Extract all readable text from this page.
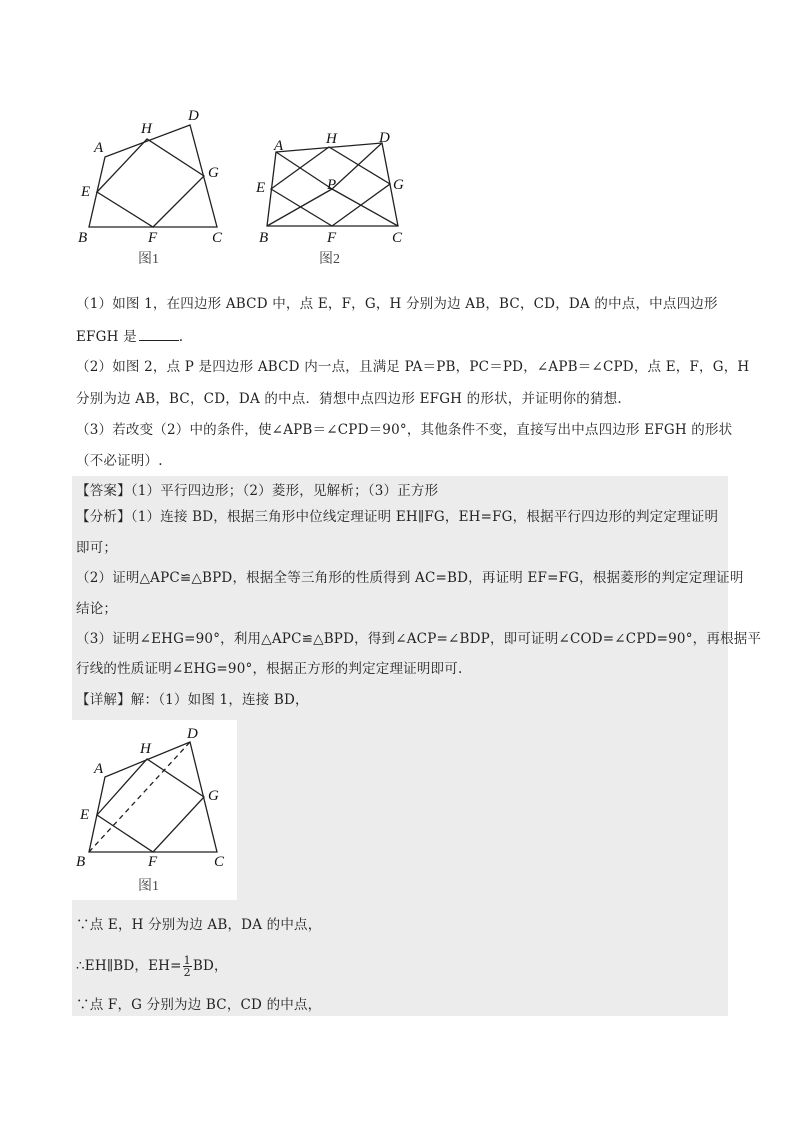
A
H
D
E
G
B	F	C
图1
A	H	D
E	P	G
B	F	C
图2
（1）如图 1，在四边形 ABCD 中，点 E，F，G，H 分别为边 AB，BC，CD，DA 的中点，中点四边形
EFGH 是	.
（2）如图 2，点 P 是四边形 ABCD 内一点，且满足 PA＝PB，PC＝PD，∠APB＝∠CPD，点 E，F，G，H
分别为边 AB，BC，CD，DA 的中点．猜想中点四边形 EFGH 的形状，并证明你的猜想.
（3）若改变（2）中的条件，使∠APB＝∠CPD＝90°，其他条件不变，直接写出中点四边形 EFGH 的形状
（不必证明）.
【答案】（1）平行四边形；（2）菱形，见解析；（3）正方形
【分析】（1）连接 BD，根据三角形中位线定理证明 EH∥FG，EH=FG，根据平行四边形的判定定理证明
即可；
（2）证明△APC≌△BPD，根据全等三角形的性质得到 AC=BD，再证明 EF=FG，根据菱形的判定定理证明
结论；
（3）证明∠EHG=90°，利用△APC≌△BPD，得到∠ACP=∠BDP，即可证明∠COD=∠CPD=90°，再根据平
行线的性质证明∠EHG=90°，根据正方形的判定定理证明即可.
【详解】解：（1）如图 1，连接 BD，
A
H
D
E
G
B	F	C
图1
∵点 E，H 分别为边 AB，DA 的中点，
∴EH∥BD，$EH= \frac{1}{2}$ BD，
∵点 F，G 分别为边 BC，CD 的中点，
